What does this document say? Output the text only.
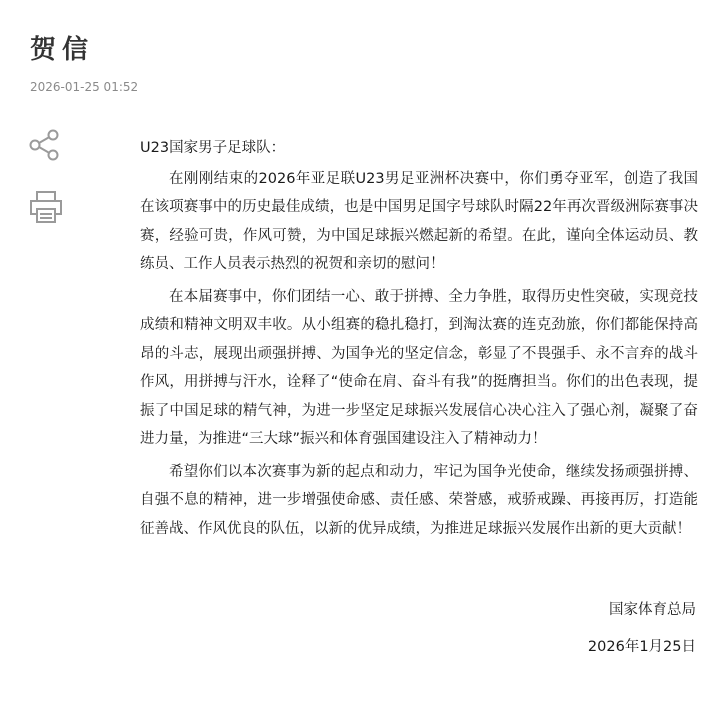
贺信
2026-01-25 01:52

U23国家男子足球队：

在刚刚结束的2026年亚足联U23男足亚洲杯决赛中，你们勇夺亚军，创造了我国在该项赛事中的历史最佳成绩，也是中国男足国字号球队时隔22年再次晋级洲际赛事决赛，经验可贵，作风可赞，为中国足球振兴燃起新的希望。在此，谨向全体运动员、教练员、工作人员表示热烈的祝贺和亲切的慰问！

在本届赛事中，你们团结一心、敢于拼搏、全力争胜，取得历史性突破，实现竞技成绩和精神文明双丰收。从小组赛的稳扎稳打，到淘汰赛的连克劲旅，你们都能保持高昂的斗志，展现出顽强拼搏、为国争光的坚定信念，彰显了不畏强手、永不言弃的战斗作风，用拼搏与汗水，诠释了“使命在肩、奋斗有我”的挺膺担当。你们的出色表现，提振了中国足球的精气神，为进一步坚定足球振兴发展信心决心注入了强心剂，凝聚了奋进力量，为推进“三大球”振兴和体育强国建设注入了精神动力！

希望你们以本次赛事为新的起点和动力，牢记为国争光使命，继续发扬顽强拼搏、自强不息的精神，进一步增强使命感、责任感、荣誉感，戒骄戒躁、再接再厉，打造能征善战、作风优良的队伍，以新的优异成绩，为推进足球振兴发展作出新的更大贡献！

国家体育总局
2026年1月25日
